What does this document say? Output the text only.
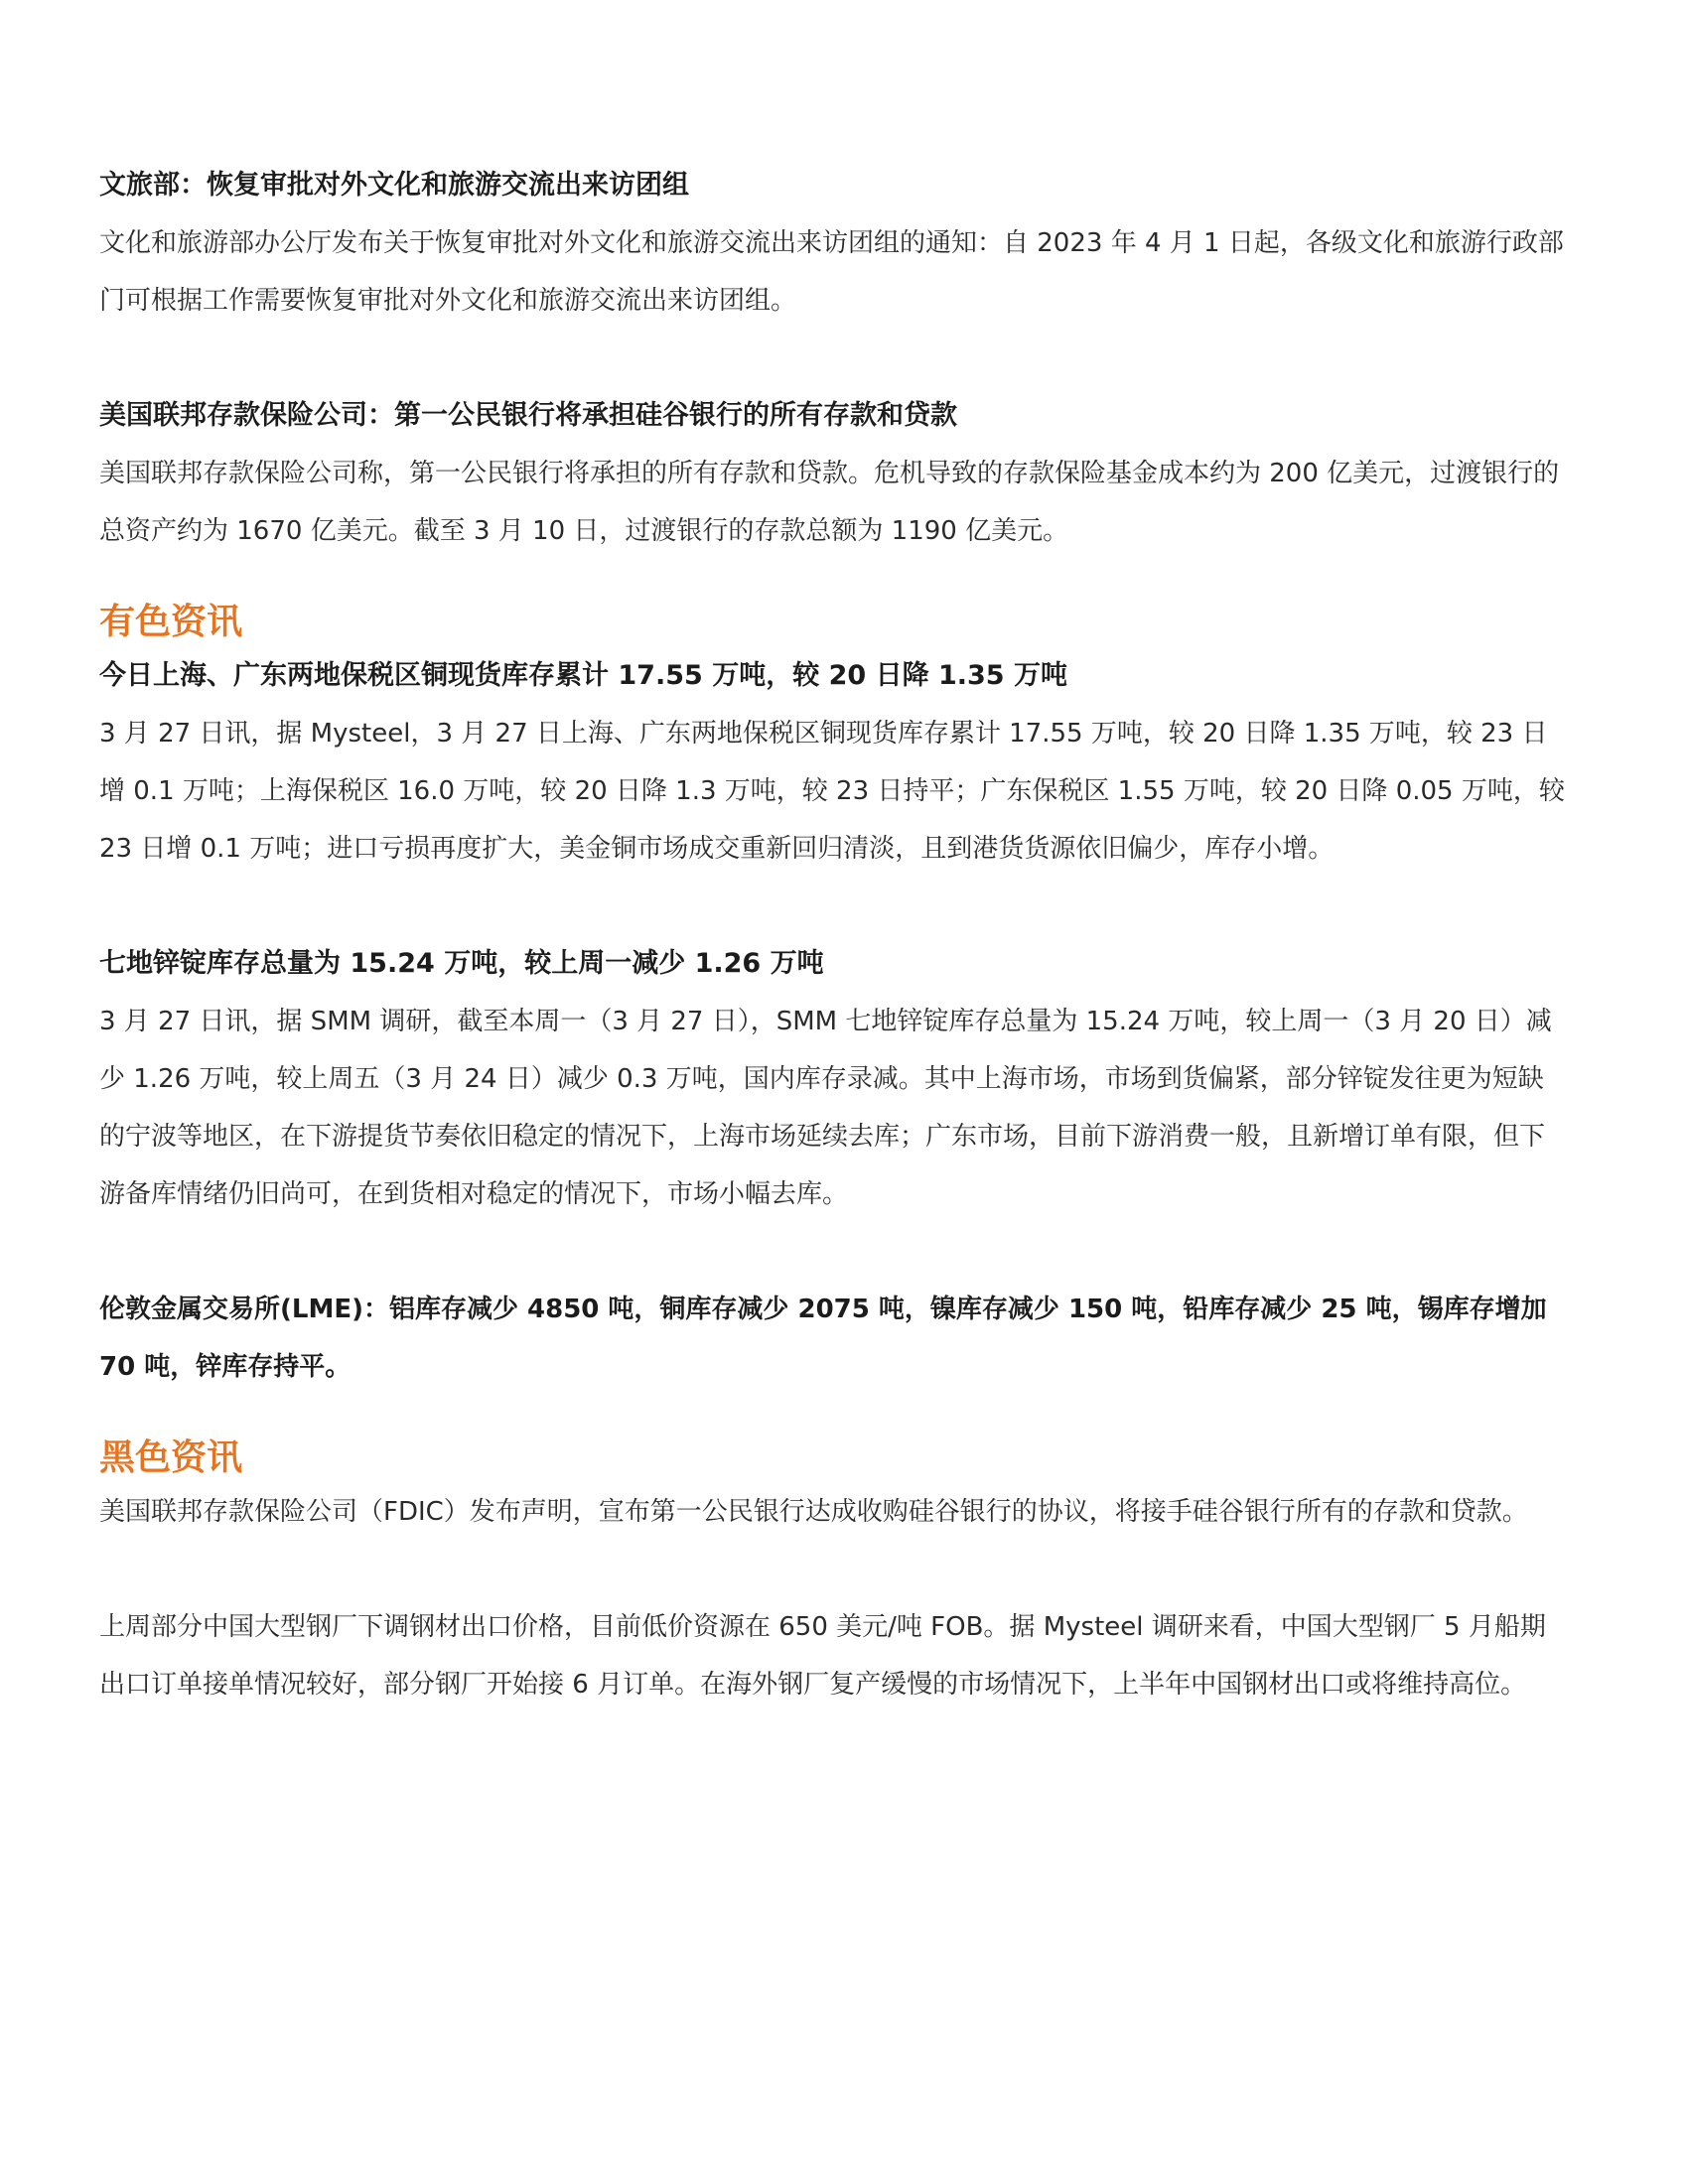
文旅部：恢复审批对外文化和旅游交流出来访团组

文化和旅游部办公厅发布关于恢复审批对外文化和旅游交流出来访团组的通知：自 2023 年 4 月 1 日起，各级文化和旅游行政部门可根据工作需要恢复审批对外文化和旅游交流出来访团组。

美国联邦存款保险公司：第一公民银行将承担硅谷银行的所有存款和贷款

美国联邦存款保险公司称，第一公民银行将承担的所有存款和贷款。危机导致的存款保险基金成本约为 200 亿美元，过渡银行的总资产约为 1670 亿美元。截至 3 月 10 日，过渡银行的存款总额为 1190 亿美元。

有色资讯

今日上海、广东两地保税区铜现货库存累计 17.55 万吨，较 20 日降 1.35 万吨

3 月 27 日讯，据 Mysteel，3 月 27 日上海、广东两地保税区铜现货库存累计 17.55 万吨，较 20 日降 1.35 万吨，较 23 日增 0.1 万吨；上海保税区 16.0 万吨，较 20 日降 1.3 万吨，较 23 日持平；广东保税区 1.55 万吨，较 20 日降 0.05 万吨，较 23 日增 0.1 万吨；进口亏损再度扩大，美金铜市场成交重新回归清淡，且到港货货源依旧偏少，库存小增。

七地锌锭库存总量为 15.24 万吨，较上周一减少 1.26 万吨

3 月 27 日讯，据 SMM 调研，截至本周一（3 月 27 日），SMM 七地锌锭库存总量为 15.24 万吨，较上周一（3 月 20 日）减少 1.26 万吨，较上周五（3 月 24 日）减少 0.3 万吨，国内库存录减。其中上海市场，市场到货偏紧，部分锌锭发往更为短缺的宁波等地区，在下游提货节奏依旧稳定的情况下，上海市场延续去库；广东市场，目前下游消费一般，且新增订单有限，但下游备库情绪仍旧尚可，在到货相对稳定的情况下，市场小幅去库。

伦敦金属交易所(LME)：铝库存减少 4850 吨，铜库存减少 2075 吨，镍库存减少 150 吨，铅库存减少 25 吨，锡库存增加 70 吨，锌库存持平。

黑色资讯

美国联邦存款保险公司（FDIC）发布声明，宣布第一公民银行达成收购硅谷银行的协议，将接手硅谷银行所有的存款和贷款。

上周部分中国大型钢厂下调钢材出口价格，目前低价资源在 650 美元/吨 FOB。据 Mysteel 调研来看，中国大型钢厂 5 月船期出口订单接单情况较好，部分钢厂开始接 6 月订单。在海外钢厂复产缓慢的市场情况下，上半年中国钢材出口或将维持高位。
